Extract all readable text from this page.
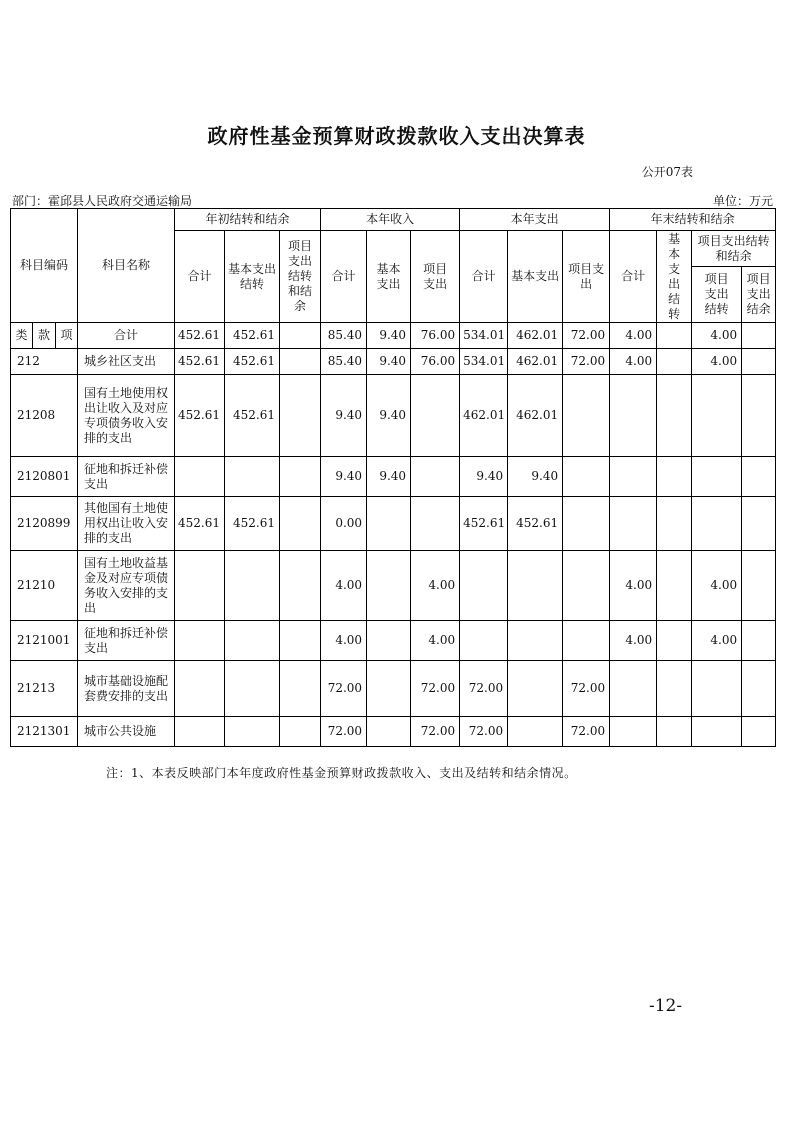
政府性基金预算财政拨款收入支出决算表
公开07表
部门：霍邱县人民政府交通运输局	单位：万元
科目编码			科目名称	年初结转和结余			本年收入			本年支出			年末结转和结余			
				合计	基本支出结转	项目支出结转和结余	合计	基本支出	项目支出	合计	基本支出	项目支出	合计	基本支出结转	项目支出结转和结余	

															项目支出结转	项目支出结余

类	款	项	合计	452.61	452.61		85.40	9.40	76.00	534.01	462.01	72.00	4.00		4.00	
212			城乡社区支出	452.61	452.61		85.40	9.40	76.00	534.01	462.01	72.00	4.00		4.00	
21208			国有土地使用权出让收入及对应专项债务收入安排的支出	452.61	452.61		9.40	9.40		462.01	462.01					
2120801			征地和拆迁补偿支出				9.40	9.40		9.40	9.40					
2120899			其他国有土地使用权出让收入安排的支出	452.61	452.61		0.00			452.61	452.61					
21210			国有土地收益基金及对应专项债务收入安排的支出				4.00		4.00				4.00		4.00	
2121001			征地和拆迁补偿支出				4.00		4.00				4.00		4.00	
21213			城市基础设施配套费安排的支出				72.00		72.00	72.00		72.00				
2121301			城市公共设施				72.00		72.00	72.00		72.00				
注：1、本表反映部门本年度政府性基金预算财政拨款收入、支出及结转和结余情况。
-12-
